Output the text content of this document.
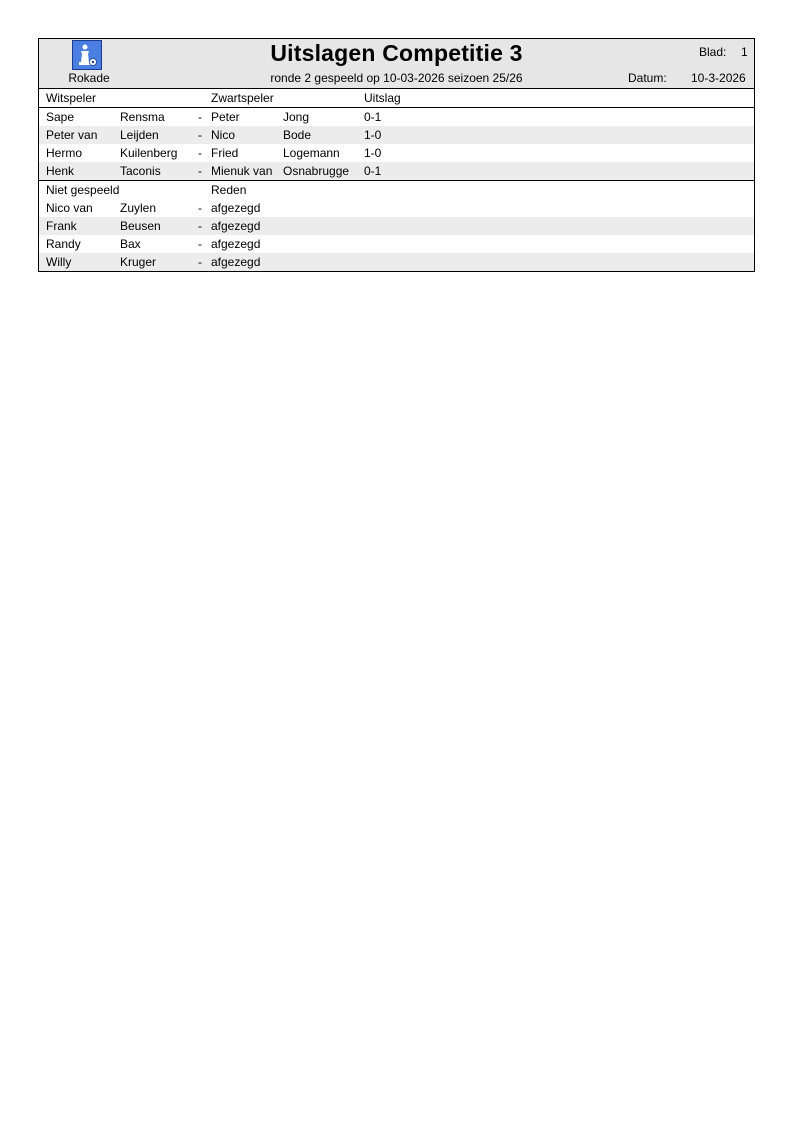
Rokade
Uitslagen Competitie 3
ronde 2 gespeeld op 10-03-2026 seizoen 25/26
Blad: 1
Datum: 10-3-2026
Witspeler	Zwartspeler	Uitslag
Sape	Rensma	- Peter	Jong	0-1
Peter van Leijden	- Nico	Bode	1-0
Hermo	Kuilenberg - Fried	Logemann 1-0
Henk	Taconis	- Mienuk van Osnabrugge 0-1
Niet gespeeld	Reden
Nico van Zuylen	- afgezegd
Frank	Beusen	- afgezegd
Randy	Bax	- afgezegd
Willy	Kruger	- afgezegd
